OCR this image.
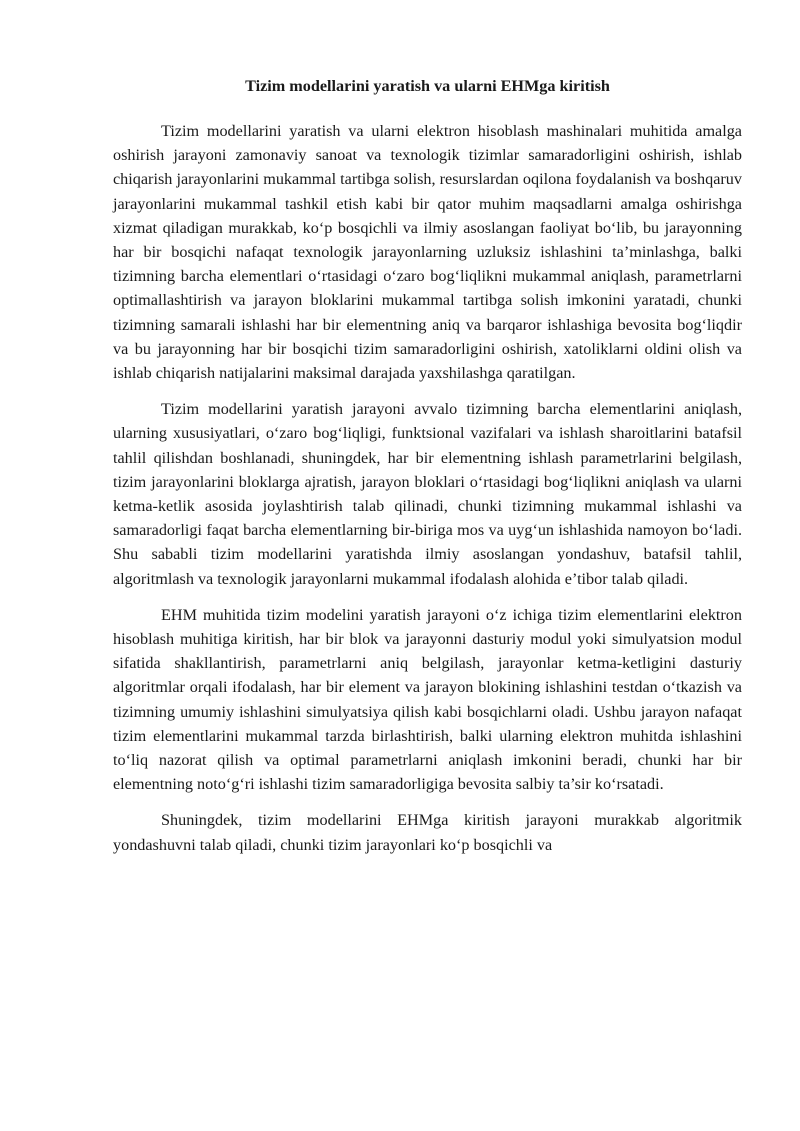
Tizim modellarini yaratish va ularni EHMga kiritish

Tizim modellarini yaratish va ularni elektron hisoblash mashinalari muhitida amalga oshirish jarayoni zamonaviy sanoat va texnologik tizimlar samaradorligini oshirish, ishlab chiqarish jarayonlarini mukammal tartibga solish, resurslardan oqilona foydalanish va boshqaruv jarayonlarini mukammal tashkil etish kabi bir qator muhim maqsadlarni amalga oshirishga xizmat qiladigan murakkab, ko‘p bosqichli va ilmiy asoslangan faoliyat bo‘lib, bu jarayonning har bir bosqichi nafaqat texnologik jarayonlarning uzluksiz ishlashini ta’minlashga, balki tizimning barcha elementlari o‘rtasidagi o‘zaro bog‘liqlikni mukammal aniqlash, parametrlarni optimallashtirish va jarayon bloklarini mukammal tartibga solish imkonini yaratadi, chunki tizimning samarali ishlashi har bir elementning aniq va barqaror ishlashiga bevosita bog‘liqdir va bu jarayonning har bir bosqichi tizim samaradorligini oshirish, xatoliklarni oldini olish va ishlab chiqarish natijalarini maksimal darajada yaxshilashga qaratilgan.

Tizim modellarini yaratish jarayoni avvalo tizimning barcha elementlarini aniqlash, ularning xususiyatlari, o‘zaro bog‘liqligi, funktsional vazifalari va ishlash sharoitlarini batafsil tahlil qilishdan boshlanadi, shuningdek, har bir elementning ishlash parametrlarini belgilash, tizim jarayonlarini bloklarga ajratish, jarayon bloklari o‘rtasidagi bog‘liqlikni aniqlash va ularni ketma-ketlik asosida joylashtirish talab qilinadi, chunki tizimning mukammal ishlashi va samaradorligi faqat barcha elementlarning bir-biriga mos va uyg‘un ishlashida namoyon bo‘ladi. Shu sababli tizim modellarini yaratishda ilmiy asoslangan yondashuv, batafsil tahlil, algoritmlash va texnologik jarayonlarni mukammal ifodalash alohida e’tibor talab qiladi.

EHM muhitida tizim modelini yaratish jarayoni o‘z ichiga tizim elementlarini elektron hisoblash muhitiga kiritish, har bir blok va jarayonni dasturiy modul yoki simulyatsion modul sifatida shakllantirish, parametrlarni aniq belgilash, jarayonlar ketma-ketligini dasturiy algoritmlar orqali ifodalash, har bir element va jarayon blokining ishlashini testdan o‘tkazish va tizimning umumiy ishlashini simulyatsiya qilish kabi bosqichlarni oladi. Ushbu jarayon nafaqat tizim elementlarini mukammal tarzda birlashtirish, balki ularning elektron muhitda ishlashini to‘liq nazorat qilish va optimal parametrlarni aniqlash imkonini beradi, chunki har bir elementning noto‘g‘ri ishlashi tizim samaradorligiga bevosita salbiy ta’sir ko‘rsatadi.

Shuningdek, tizim modellarini EHMga kiritish jarayoni murakkab algoritmik yondashuvni talab qiladi, chunki tizim jarayonlari ko‘p bosqichli va
